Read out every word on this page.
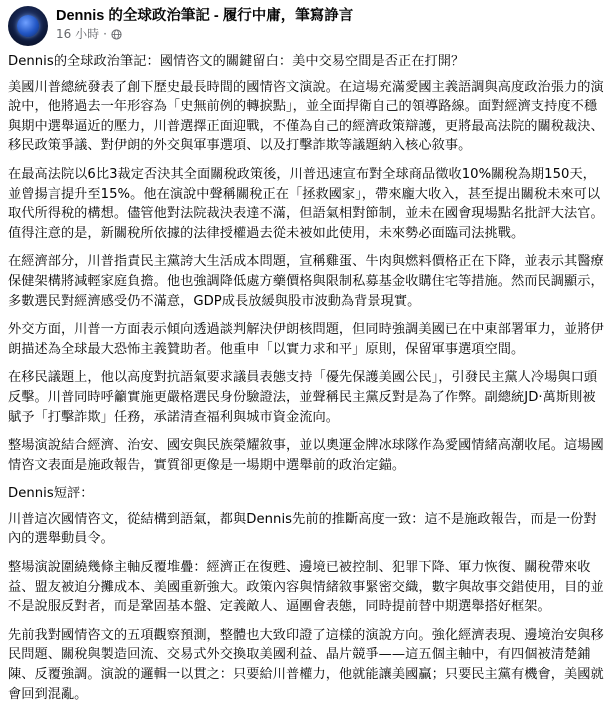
Dennis 的全球政治筆記 - 履行中庸，筆寫諍言
16 小時 ·

Dennis的全球政治筆記：國情咨文的關鍵留白：美中交易空間是否正在打開？

美國川普總統發表了創下歷史最長時間的國情咨文演說。在這場充滿愛國主義語調與高度政治張力的演說中，他將過去一年形容為「史無前例的轉捩點」，並全面捍衛自己的領導路線。面對經濟支持度不穩與期中選舉逼近的壓力，川普選擇正面迎戰，不僅為自己的經濟政策辯護，更將最高法院的關稅裁決、移民政策爭議、對伊朗的外交與軍事選項、以及打擊詐欺等議題納入核心敘事。

在最高法院以6比3裁定否決其全面關稅政策後，川普迅速宣布對全球商品徵收10%關稅為期150天，並曾揚言提升至15%。他在演說中聲稱關稅正在「拯救國家」，帶來龐大收入，甚至提出關稅未來可以取代所得稅的構想。儘管他對法院裁決表達不滿，但語氣相對節制，並未在國會現場點名批評大法官。值得注意的是，新關稅所依據的法律授權過去從未被如此使用，未來勢必面臨司法挑戰。

在經濟部分，川普指責民主黨誇大生活成本問題，宣稱雞蛋、牛肉與燃料價格正在下降，並表示其醫療保健架構將減輕家庭負擔。他也強調降低處方藥價格與限制私募基金收購住宅等措施。然而民調顯示，多數選民對經濟感受仍不滿意，GDP成長放緩與股市波動為背景現實。

外交方面，川普一方面表示傾向透過談判解決伊朗核問題，但同時強調美國已在中東部署軍力，並將伊朗描述為全球最大恐怖主義贊助者。他重申「以實力求和平」原則，保留軍事選項空間。

在移民議題上，他以高度對抗語氣要求議員表態支持「優先保護美國公民」，引發民主黨人冷場與口頭反擊。川普同時呼籲實施更嚴格選民身份驗證法，並聲稱民主黨反對是為了作弊。副總統JD·萬斯則被賦予「打擊詐欺」任務，承諾清查福利與城市資金流向。

整場演說結合經濟、治安、國安與民族榮耀敘事，並以奧運金牌冰球隊作為愛國情緒高潮收尾。這場國情咨文表面是施政報告，實質卻更像是一場期中選舉前的政治定錨。

Dennis短評：

川普這次國情咨文，從結構到語氣，都與Dennis先前的推斷高度一致：這不是施政報告，而是一份對內的選舉動員令。

整場演說圍繞幾條主軸反覆堆疊：經濟正在復甦、邊境已被控制、犯罪下降、軍力恢復、關稅帶來收益、盟友被迫分攤成本、美國重新強大。政策內容與情緒敘事緊密交織，數字與故事交錯使用，目的並不是說服反對者，而是鞏固基本盤、定義敵人、逼團會表態，同時提前替中期選舉搭好框架。

先前我對國情咨文的五項觀察預測，整體也大致印證了這樣的演說方向。強化經濟表現、邊境治安與移民問題、關稅與製造回流、交易式外交換取美國利益、晶片競爭——這五個主軸中，有四個被清楚鋪陳、反覆強調。演說的邏輯一以貫之：只要給川普權力，他就能讓美國贏；只要民主黨有機會，美國就會回到混亂。
